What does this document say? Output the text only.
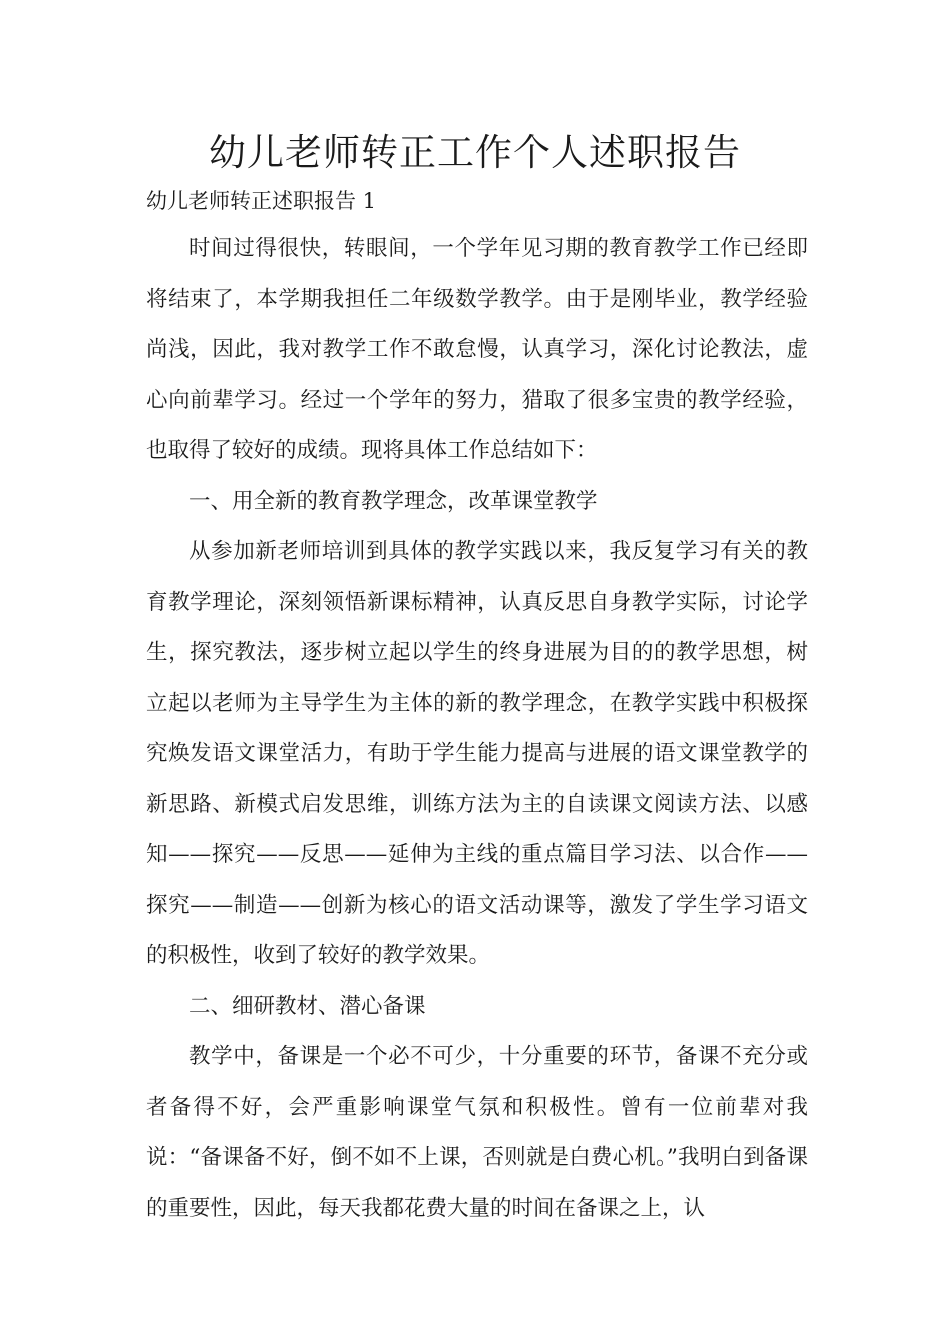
幼儿老师转正工作个人述职报告

幼儿老师转正述职报告 1

时间过得很快，转眼间，一个学年见习期的教育教学工作已经即将结束了，本学期我担任二年级数学教学。由于是刚毕业，教学经验尚浅，因此，我对教学工作不敢怠慢，认真学习，深化讨论教法，虚心向前辈学习。经过一个学年的努力，猎取了很多宝贵的教学经验，也取得了较好的成绩。现将具体工作总结如下：

一、用全新的教育教学理念，改革课堂教学

从参加新老师培训到具体的教学实践以来，我反复学习有关的教育教学理论，深刻领悟新课标精神，认真反思自身教学实际，讨论学生，探究教法，逐步树立起以学生的终身进展为目的的教学思想，树立起以老师为主导学生为主体的新的教学理念，在教学实践中积极探究焕发语文课堂活力，有助于学生能力提高与进展的语文课堂教学的新思路、新模式启发思维，训练方法为主的自读课文阅读方法、以感知——探究——反思——延伸为主线的重点篇目学习法、以合作——探究——制造——创新为核心的语文活动课等，激发了学生学习语文的积极性，收到了较好的教学效果。

二、细研教材、潜心备课

教学中，备课是一个必不可少，十分重要的环节，备课不充分或者备得不好，会严重影响课堂气氛和积极性。曾有一位前辈对我说：“备课备不好，倒不如不上课，否则就是白费心机。”我明白到备课的重要性，因此，每天我都花费大量的时间在备课之上，认
